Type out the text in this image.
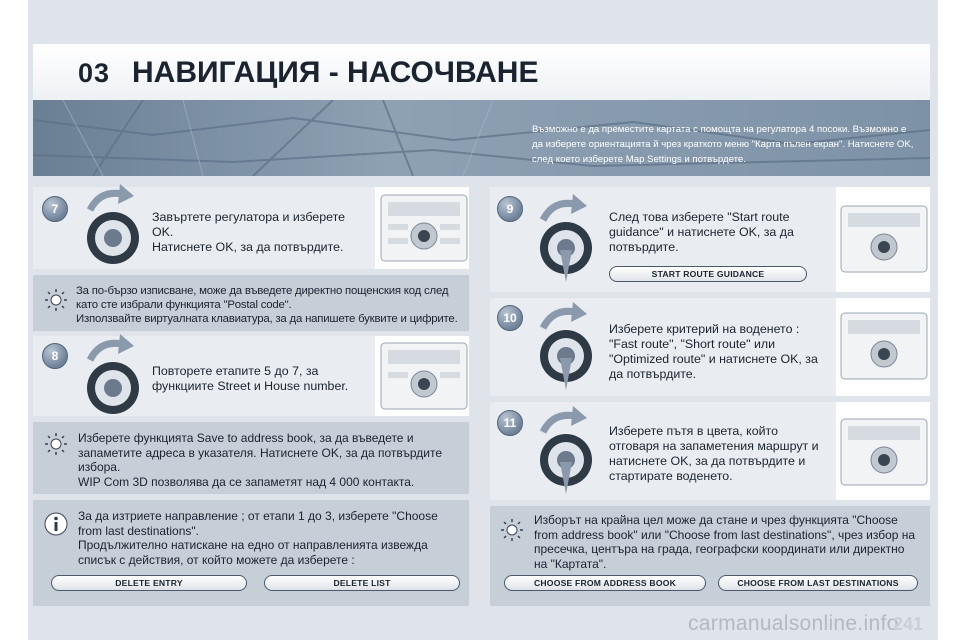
03 НАВИГАЦИЯ - НАСОЧВАНЕ
Възможно е да преместите картата с помощта на регулатора 4 посоки. Възможно е да изберете ориентацията й чрез краткото меню "Карта пълен екран". Натиснете OK, след което изберете Map Settings и потвърдете.
7
Завъртете регулатора и изберете OK.
Натиснете OK, за да потвърдите.
За по-бързо изписване, може да въведете директно пощенския код след като сте избрали функцията "Postal code".
Използвайте виртуалната клавиатура, за да напишете буквите и цифрите.
8
Повторете етапите 5 до 7, за функциите Street и House number.
Изберете функцията Save to address book, за да въведете и запаметите адреса в указателя. Натиснете OK, за да потвърдите избора.
WIP Com 3D позволява да се запаметят над 4 000 контакта.
За да изтриете направление ; от етапи 1 до 3, изберете "Choose from last destinations".
Продължително натискане на едно от направленията извежда списък с действия, от който можете да изберете :
DELETE ENTRY	DELETE LIST
9
След това изберете "Start route guidance" и натиснете OK, за да потвърдите.
START ROUTE GUIDANCE
10
Изберете критерий на воденето : "Fast route", "Short route" или "Optimized route" и натиснете OK, за да потвърдите.
11
Изберете пътя в цвета, който отговаря на запаметения маршрут и натиснете OK, за да потвърдите и стартирате воденето.
Изборът на крайна цел може да стане и чрез функцията "Choose from address book" или "Choose from last destinations", чрез избор на пресечка, центъра на града, географски координати или директно на "Картата".
CHOOSE FROM ADDRESS BOOK	CHOOSE FROM LAST DESTINATIONS
carmanualsonline.info
241
